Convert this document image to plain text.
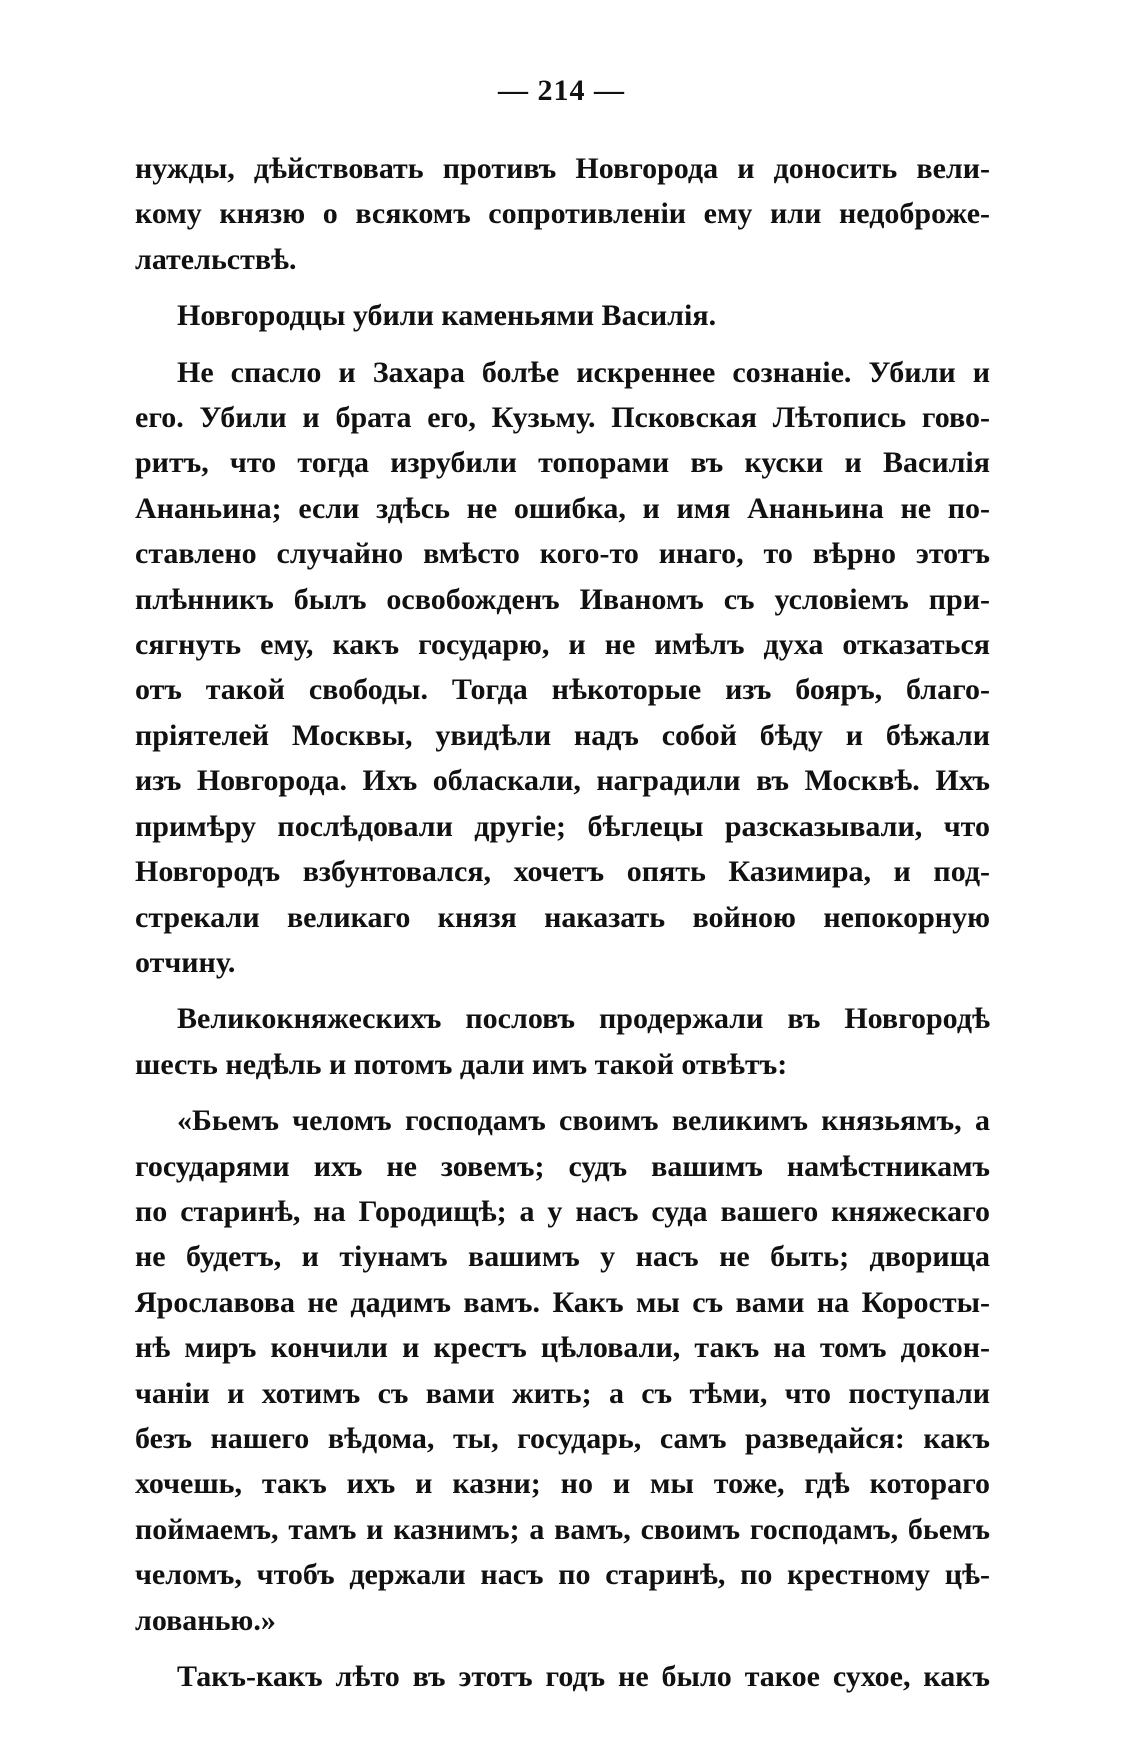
— 214 —

нужды, дѣйствовать противъ Новгорода и доносить вели-

кому князю о всякомъ сопротивленіи ему или недоброже-

лательствѣ.

Новгородцы убили каменьями Василія.

Не спасло и Захара болѣе искреннее сознаніе. Убили и

его. Убили и брата его, Кузьму. Псковская Лѣтопись гово-

ритъ, что тогда изрубили топорами въ куски и Василія

Ананьина; если здѣсь не ошибка, и имя Ананьина не по-

ставлено случайно вмѣсто кого-то инаго, то вѣрно этотъ

плѣнникъ былъ освобожденъ Иваномъ съ условіемъ при-

сягнуть ему, какъ государю, и не имѣлъ духа отказаться

отъ такой свободы. Тогда нѣкоторые изъ бояръ, благо-

пріятелей Москвы, увидѣли надъ собой бѣду и бѣжали

изъ Новгорода. Ихъ обласкали, наградили въ Москвѣ. Ихъ

примѣру послѣдовали другіе; бѣглецы разсказывали, что

Новгородъ взбунтовался, хочетъ опять Казимира, и под-

стрекали великаго князя наказать войною непокорную

отчину.

Великокняжескихъ пословъ продержали въ Новгородѣ

шесть недѣль и потомъ дали имъ такой отвѣтъ:

«Бьемъ челомъ господамъ своимъ великимъ князьямъ, а

государями ихъ не зовемъ; судъ вашимъ намѣстникамъ

по старинѣ, на Городищѣ; а у насъ суда вашего княжескаго

не будетъ, и тіунамъ вашимъ у насъ не быть; дворища

Ярославова не дадимъ вамъ. Какъ мы съ вами на Коросты-

нѣ миръ кончили и крестъ цѣловали, такъ на томъ докон-

чаніи и хотимъ съ вами жить; а съ тѣми, что поступали

безъ нашего вѣдома, ты, государь, самъ разведайся: какъ

хочешь, такъ ихъ и казни; но и мы тоже, гдѣ котораго

поймаемъ, тамъ и казнимъ; а вамъ, своимъ господамъ, бьемъ

челомъ, чтобъ держали насъ по старинѣ, по крестному цѣ-

лованью.»

Такъ-какъ лѣто въ этотъ годъ не было такое сухое, какъ
